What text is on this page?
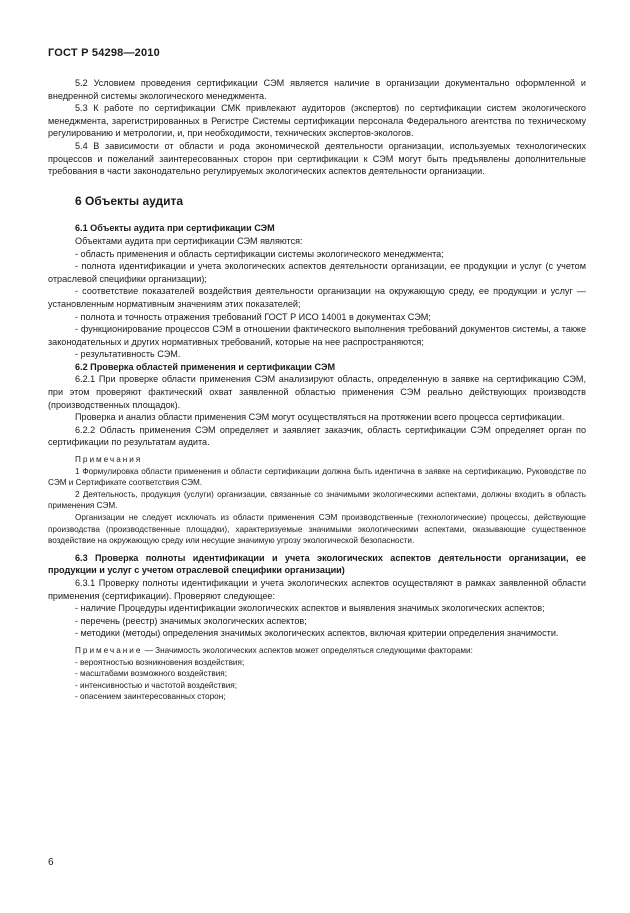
ГОСТ Р 54298—2010

5.2 Условием проведения сертификации СЭМ является наличие в организации документально оформленной и внедренной системы экологического менеджмента.

5.3 К работе по сертификации СМК привлекают аудиторов (экспертов) по сертификации систем экологического менеджмента, зарегистрированных в Регистре Системы сертификации персонала Федерального агентства по техническому регулированию и метрологии, и, при необходимости, технических экспертов-экологов.

5.4 В зависимости от области и рода экономической деятельности организации, используемых технологических процессов и пожеланий заинтересованных сторон при сертификации к СЭМ могут быть предъявлены дополнительные требования в части законодательно регулируемых экологических аспектов деятельности организации.

6 Объекты аудита

6.1 Объекты аудита при сертификации СЭМ

Объектами аудита при сертификации СЭМ являются:

- область применения и область сертификации системы экологического менеджмента;

- полнота идентификации и учета экологических аспектов деятельности организации, ее продукции и услуг (с учетом отраслевой специфики организации);

- соответствие показателей воздействия деятельности организации на окружающую среду, ее продукции и услуг — установленным нормативным значениям этих показателей;

- полнота и точность отражения требований ГОСТ Р ИСО 14001 в документах СЭМ;

- функционирование процессов СЭМ в отношении фактического выполнения требований документов системы, а также законодательных и других нормативных требований, которые на нее распространяются;

- результативность СЭМ.

6.2 Проверка областей применения и сертификации СЭМ

6.2.1 При проверке области применения СЭМ анализируют область, определенную в заявке на сертификацию СЭМ, при этом проверяют фактический охват заявленной областью применения СЭМ реально действующих производств (производственных площадок).

Проверка и анализ области применения СЭМ могут осуществляться на протяжении всего процесса сертификации.

6.2.2 Область применения СЭМ определяет и заявляет заказчик, область сертификации СЭМ определяет орган по сертификации по результатам аудита.

Примечания

1 Формулировка области применения и области сертификации должна быть идентична в заявке на сертификацию, Руководстве по СЭМ и Сертификате соответствия СЭМ.

2 Деятельность, продукция (услуги) организации, связанные со значимыми экологическими аспектами, должны входить в область применения СЭМ.

Организации не следует исключать из области применения СЭМ производственные (технологические) процессы, действующие производства (производственные площадки), характеризуемые значимыми экологическими аспектами, оказывающие существенное воздействие на окружающую среду или несущие значимую угрозу экологической безопасности.

6.3 Проверка полноты идентификации и учета экологических аспектов деятельности организации, ее продукции и услуг с учетом отраслевой специфики организации)

6.3.1 Проверку полноты идентификации и учета экологических аспектов осуществляют в рамках заявленной области применения (сертификации). Проверяют следующее:

- наличие Процедуры идентификации экологических аспектов и выявления значимых экологических аспектов;

- перечень (реестр) значимых экологических аспектов;

- методики (методы) определения значимых экологических аспектов, включая критерии определения значимости.

Примечание — Значимость экологических аспектов может определяться следующими факторами:

- вероятностью возникновения воздействия;

- масштабами возможного воздействия;

- интенсивностью и частотой воздействия;

- опасением заинтересованных сторон;

6
